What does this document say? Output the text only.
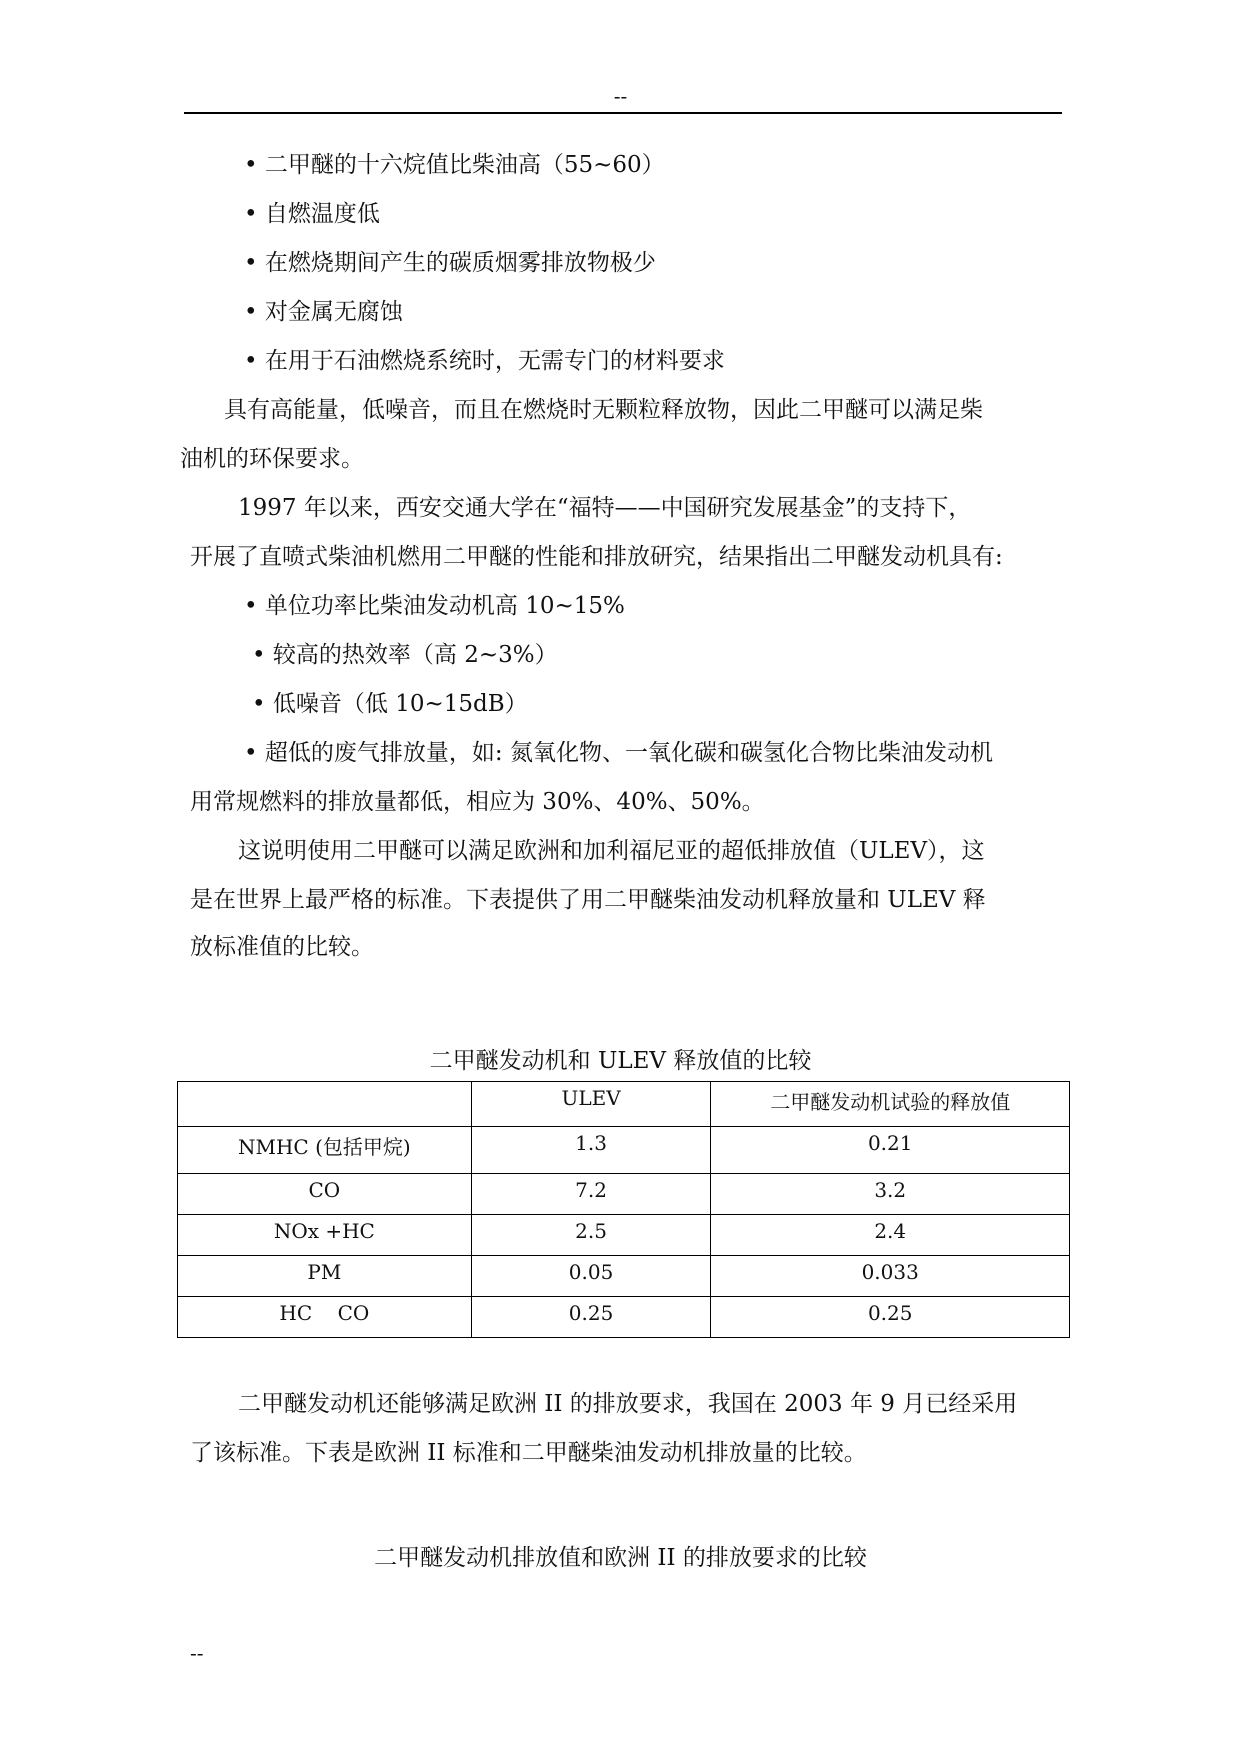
--
• 二甲醚的十六烷值比柴油高（55~60）
• 自燃温度低
• 在燃烧期间产生的碳质烟雾排放物极少
• 对金属无腐蚀
• 在用于石油燃烧系统时，无需专门的材料要求
具有高能量，低噪音，而且在燃烧时无颗粒释放物，因此二甲醚可以满足柴
油机的环保要求。
1997 年以来，西安交通大学在“福特——中国研究发展基金”的支持下，
开展了直喷式柴油机燃用二甲醚的性能和排放研究，结果指出二甲醚发动机具有:
• 单位功率比柴油发动机高 10~15%
• 较高的热效率（高 2~3%）
• 低噪音（低 10~15dB）
• 超低的废气排放量，如: 氮氧化物、一氧化碳和碳氢化合物比柴油发动机
用常规燃料的排放量都低，相应为 30%、40%、50%。
这说明使用二甲醚可以满足欧洲和加利福尼亚的超低排放值（ULEV），这
是在世界上最严格的标准。下表提供了用二甲醚柴油发动机释放量和 ULEV 释
放标准值的比较。
二甲醚发动机和 ULEV 释放值的比较
	ULEV	二甲醚发动机试验的释放值
NMHC (包括甲烷)	1.3	0.21
CO	7.2	3.2
NOx +HC	2.5	2.4
PM	0.05	0.033
HC    CO	0.25	0.25
二甲醚发动机还能够满足欧洲 II 的排放要求，我国在 2003 年 9 月已经采用
了该标准。下表是欧洲 II 标准和二甲醚柴油发动机排放量的比较。
二甲醚发动机排放值和欧洲 II 的排放要求的比较
--
